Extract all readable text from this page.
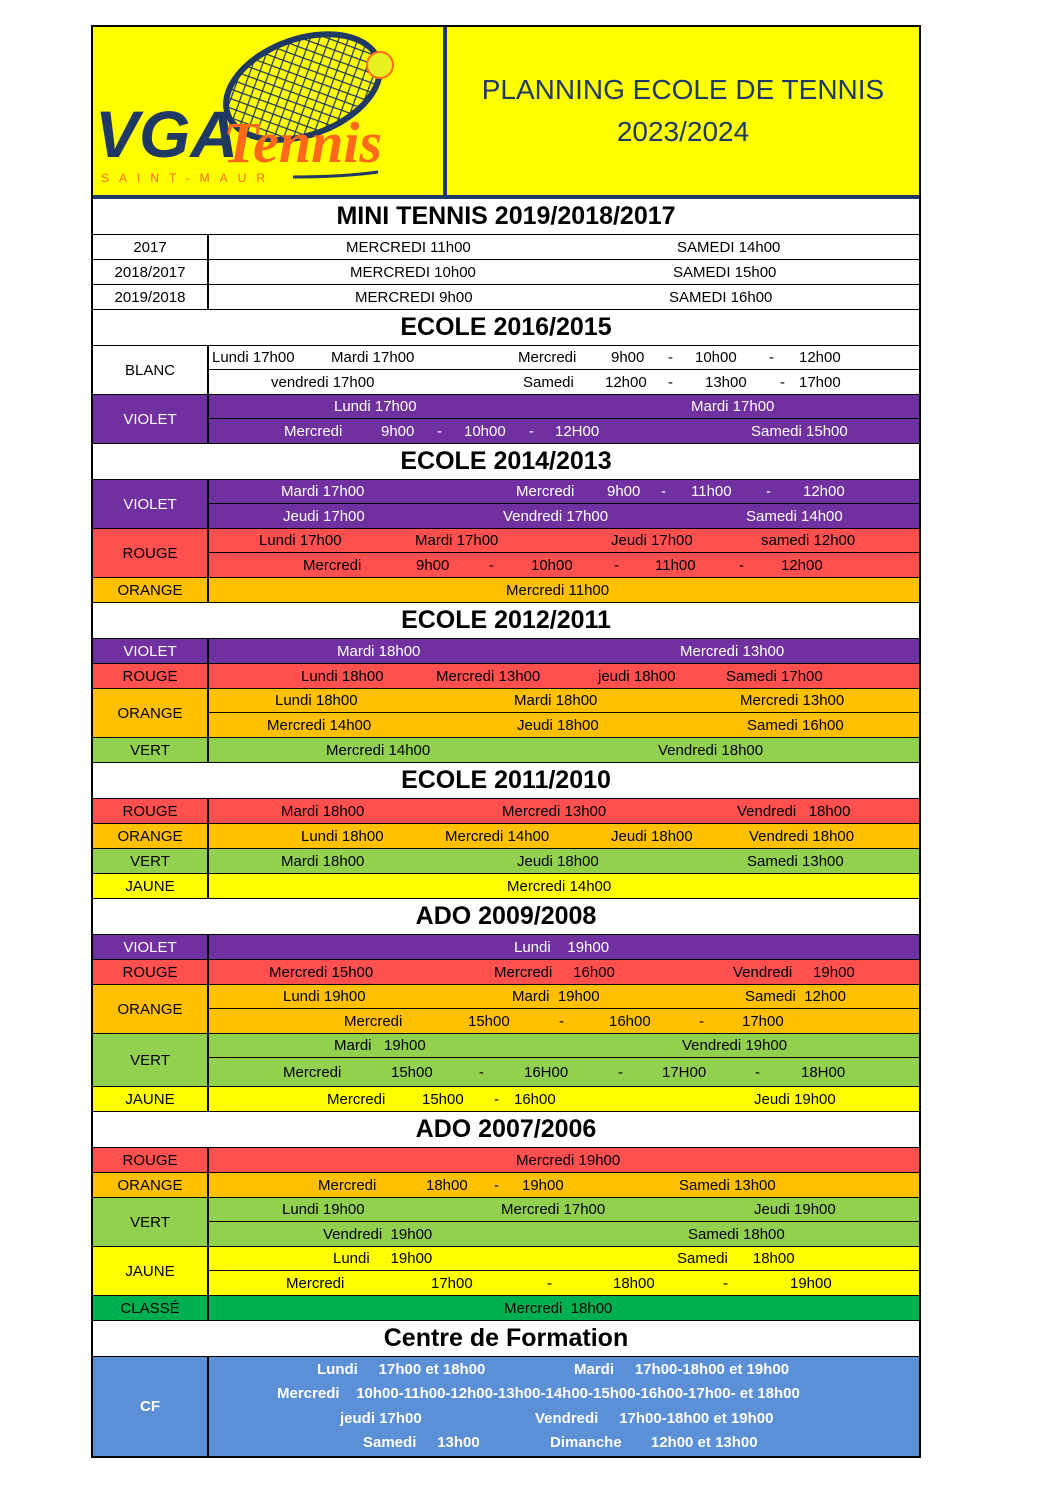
VGA
Tennis
SAINT-MAUR
PLANNING ECOLE DE TENNIS
2023/2024
MINI TENNIS 2019/2018/2017
2017	MERCREDI 11h00	SAMEDI 14h00
2018/2017	MERCREDI 10h00	SAMEDI 15h00
2019/2018	MERCREDI 9h00	SAMEDI 16h00
ECOLE 2016/2015
BLANC
Lundi 17h00 Mardi 17h00	Mercredi 9h00 - 10h00 - 12h00
vendredi 17h00	Samedi 12h00 - 13h00 - 17h00
VIOLET
Lundi 17h00	Mardi 17h00
Mercredi	9h00 - 10h00 - 12H00	Samedi 15h00
ECOLE 2014/2013
VIOLET
Mardi 17h00	Mercredi 9h00 - 11h00 - 12h00
Jeudi 17h00	Vendredi 17h00	Samedi 14h00
ROUGE
Lundi 17h00	Mardi 17h00	Jeudi 17h00	samedi 12h00
Mercredi	9h00	- 10h00	- 11h00	- 12h00
ORANGE	Mercredi 11h00
ECOLE 2012/2011
VIOLET	Mardi 18h00	Mercredi 13h00
ROUGE	Lundi 18h00	Mercredi 13h00	jeudi 18h00	Samedi 17h00
ORANGE
Lundi 18h00	Mardi 18h00	Mercredi 13h00
Mercredi 14h00	Jeudi 18h00	Samedi 16h00
VERT	Mercredi 14h00	Vendredi 18h00
ECOLE 2011/2010
ROUGE	Mardi 18h00	Mercredi 13h00	Vendredi   18h00
ORANGE	Lundi 18h00	Mercredi 14h00	Jeudi 18h00	Vendredi 18h00
VERT	Mardi 18h00	Jeudi 18h00	Samedi 13h00
JAUNE	Mercredi 14h00
ADO 2009/2008
VIOLET	Lundi    19h00
ROUGE	Mercredi 15h00	Mercredi     16h00	Vendredi     19h00
ORANGE
Lundi 19h00	Mardi  19h00	Samedi  12h00
Mercredi	15h00	-	16h00	-	17h00
VERT
Mardi   19h00	Vendredi 19h00
Mercredi	15h00	-	16H00	-	17H00	-	18H00
JAUNE	Mercredi 15h00 - 16h00	Jeudi 19h00
ADO 2007/2006
ROUGE	Mercredi 19h00
ORANGE	Mercredi	18h00 - 19h00	Samedi 13h00
VERT
Lundi 19h00	Mercredi 17h00	Jeudi 19h00
Vendredi  19h00	Samedi 18h00
JAUNE
Lundi     19h00	Samedi      18h00
Mercredi	17h00	-	18h00	-	19h00
CLASSÉ	Mercredi  18h00
Centre de Formation
CF
Lundi     17h00 et 18h00	Mardi     17h00-18h00 et 19h00
Mercredi    10h00-11h00-12h00-13h00-14h00-15h00-16h00-17h00- et 18h00
jeudi 17h00	Vendredi     17h00-18h00 et 19h00
Samedi     13h00	Dimanche       12h00 et 13h00
